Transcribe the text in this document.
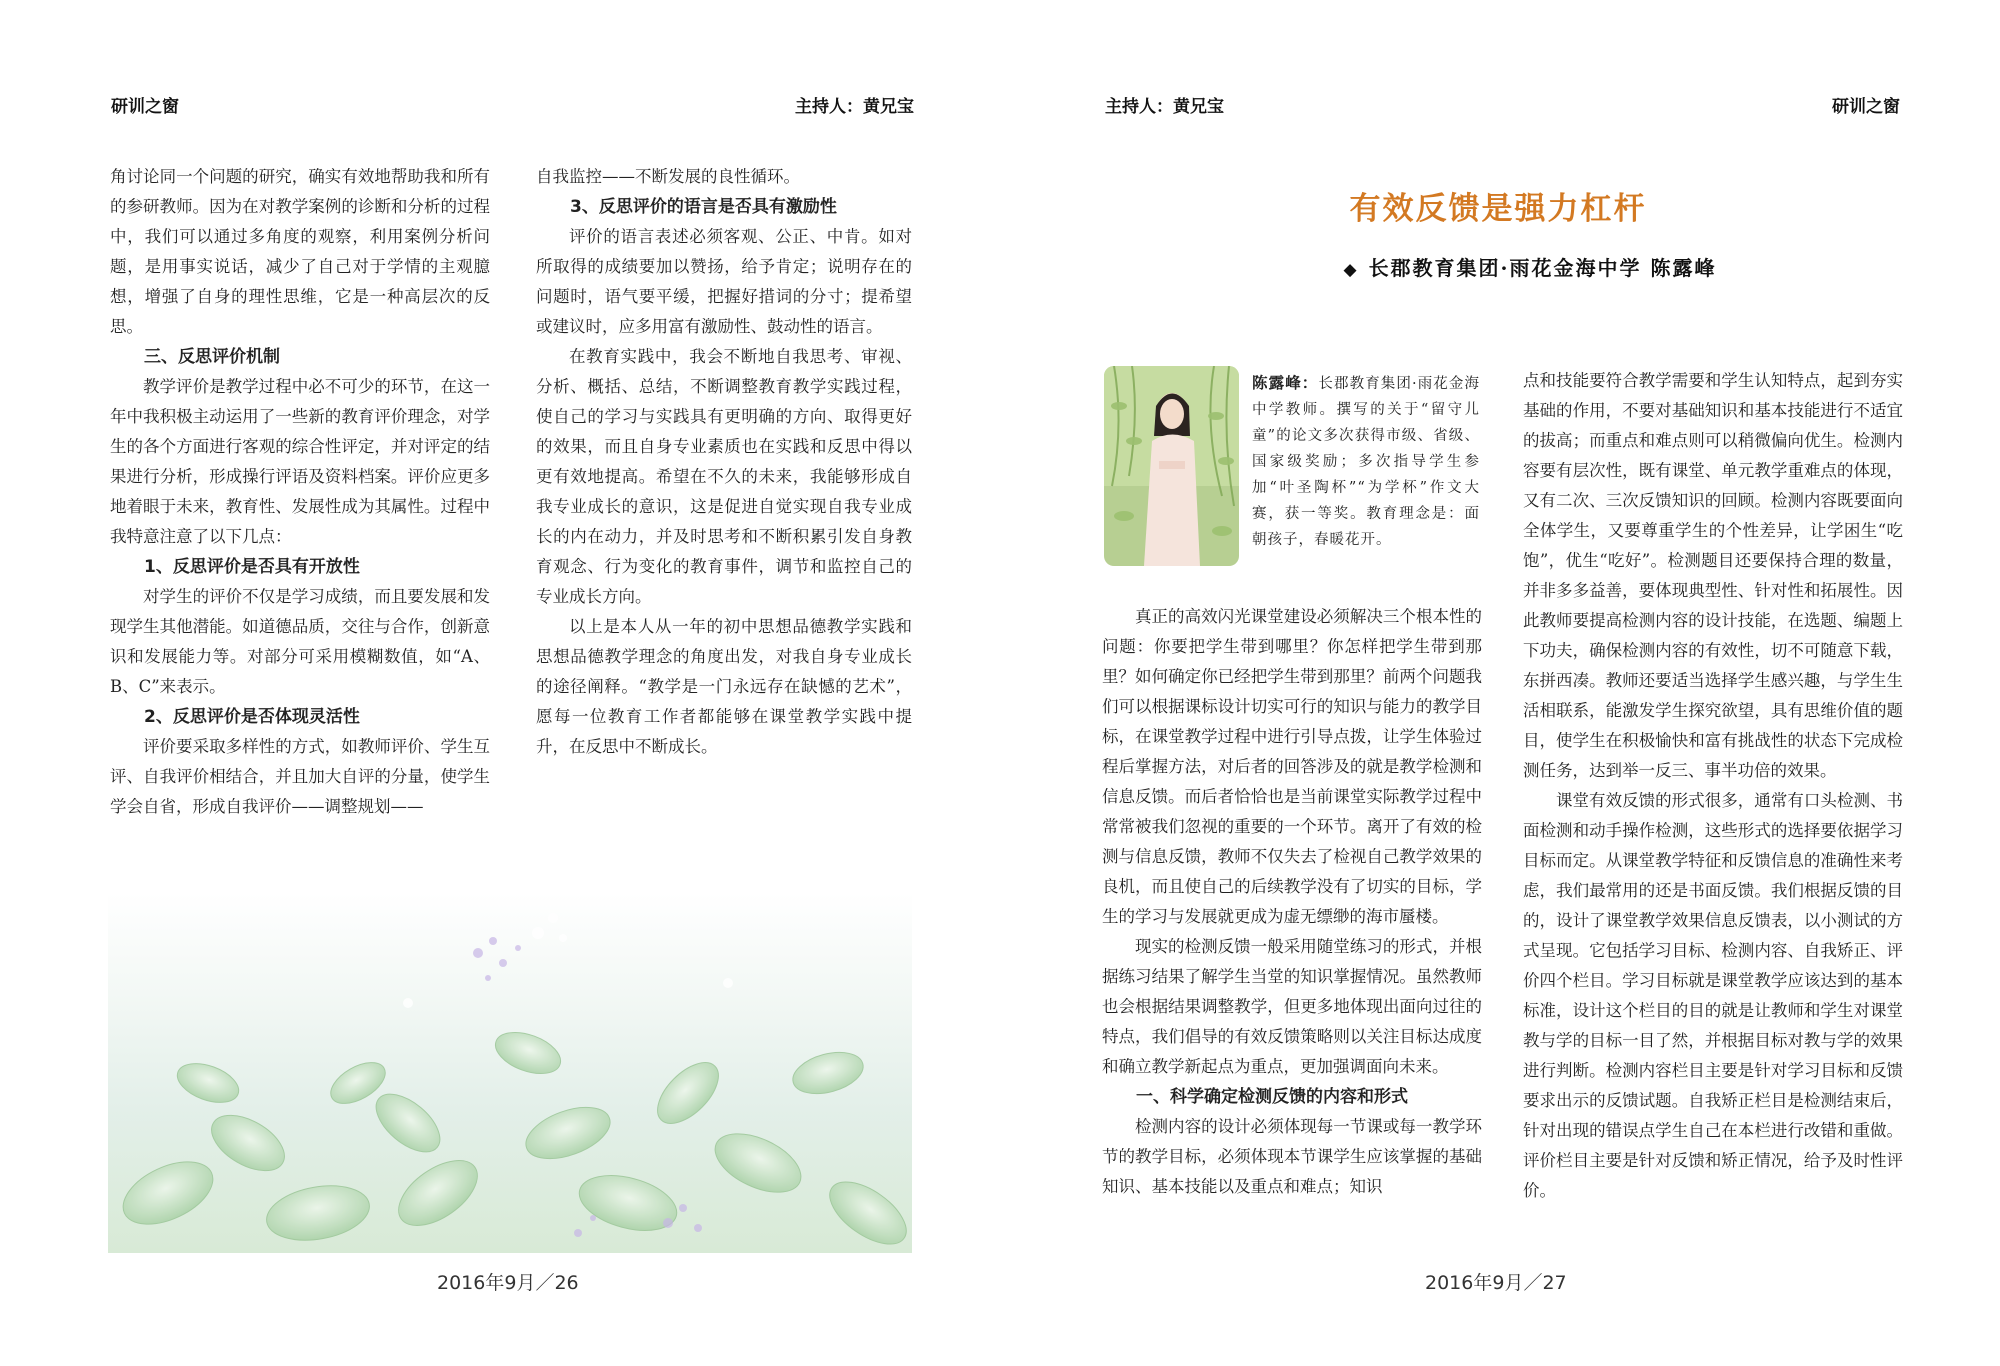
研训之窗	主持人：黄兄宝

角讨论同一个问题的研究，确实有效地帮助我和所有的参研教师。因为在对教学案例的诊断和分析的过程中，我们可以通过多角度的观察，利用案例分析问题，是用事实说话，减少了自己对于学情的主观臆想，增强了自身的理性思维，它是一种高层次的反思。

三、反思评价机制

教学评价是教学过程中必不可少的环节，在这一年中我积极主动运用了一些新的教育评价理念，对学生的各个方面进行客观的综合性评定，并对评定的结果进行分析，形成操行评语及资料档案。评价应更多地着眼于未来，教育性、发展性成为其属性。过程中我特意注意了以下几点：

1、反思评价是否具有开放性

对学生的评价不仅是学习成绩，而且要发展和发现学生其他潜能。如道德品质，交往与合作，创新意识和发展能力等。对部分可采用模糊数值，如“A、B、C”来表示。

2、反思评价是否体现灵活性

评价要采取多样性的方式，如教师评价、学生互评、自我评价相结合，并且加大自评的分量，使学生学会自省，形成自我评价——调整规划——

自我监控——不断发展的良性循环。

3、反思评价的语言是否具有激励性

评价的语言表述必须客观、公正、中肯。如对所取得的成绩要加以赞扬，给予肯定；说明存在的问题时，语气要平缓，把握好措词的分寸；提希望或建议时，应多用富有激励性、鼓动性的语言。

在教育实践中，我会不断地自我思考、审视、分析、概括、总结，不断调整教育教学实践过程，使自己的学习与实践具有更明确的方向、取得更好的效果，而且自身专业素质也在实践和反思中得以更有效地提高。希望在不久的未来，我能够形成自我专业成长的意识，这是促进自觉实现自我专业成长的内在动力，并及时思考和不断积累引发自身教育观念、行为变化的教育事件，调节和监控自己的专业成长方向。

以上是本人从一年的初中思想品德教学实践和思想品德教学理念的角度出发，对我自身专业成长的途径阐释。“教学是一门永远存在缺憾的艺术”，愿每一位教育工作者都能够在课堂教学实践中提升，在反思中不断成长。

2016年9月／26
主持人：黄兄宝	研训之窗
有效反馈是强力杠杆
◆ 长郡教育集团·雨花金海中学 陈露峰
陈露峰：长郡教育集团·雨花金海中学教师。撰写的关于“留守儿童”的论文多次获得市级、省级、国家级奖励；多次指导学生参加“叶圣陶杯”“为学杯”作文大赛，获一等奖。教育理念是：面朝孩子，春暖花开。

真正的高效闪光课堂建设必须解决三个根本性的问题：你要把学生带到哪里？你怎样把学生带到那里？如何确定你已经把学生带到那里？前两个问题我们可以根据课标设计切实可行的知识与能力的教学目标，在课堂教学过程中进行引导点拨，让学生体验过程后掌握方法，对后者的回答涉及的就是教学检测和信息反馈。而后者恰恰也是当前课堂实际教学过程中常常被我们忽视的重要的一个环节。离开了有效的检测与信息反馈，教师不仅失去了检视自己教学效果的良机，而且使自己的后续教学没有了切实的目标，学生的学习与发展就更成为虚无缥缈的海市蜃楼。

现实的检测反馈一般采用随堂练习的形式，并根据练习结果了解学生当堂的知识掌握情况。虽然教师也会根据结果调整教学，但更多地体现出面向过往的特点，我们倡导的有效反馈策略则以关注目标达成度和确立教学新起点为重点，更加强调面向未来。

一、科学确定检测反馈的内容和形式

检测内容的设计必须体现每一节课或每一教学环节的教学目标，必须体现本节课学生应该掌握的基础知识、基本技能以及重点和难点；知识

点和技能要符合教学需要和学生认知特点，起到夯实基础的作用，不要对基础知识和基本技能进行不适宜的拔高；而重点和难点则可以稍微偏向优生。检测内容要有层次性，既有课堂、单元教学重难点的体现，又有二次、三次反馈知识的回顾。检测内容既要面向全体学生，又要尊重学生的个性差异，让学困生“吃饱”，优生“吃好”。检测题目还要保持合理的数量，并非多多益善，要体现典型性、针对性和拓展性。因此教师要提高检测内容的设计技能，在选题、编题上下功夫，确保检测内容的有效性，切不可随意下载，东拼西凑。教师还要适当选择学生感兴趣，与学生生活相联系，能激发学生探究欲望，具有思维价值的题目，使学生在积极愉快和富有挑战性的状态下完成检测任务，达到举一反三、事半功倍的效果。

课堂有效反馈的形式很多，通常有口头检测、书面检测和动手操作检测，这些形式的选择要依据学习目标而定。从课堂教学特征和反馈信息的准确性来考虑，我们最常用的还是书面反馈。我们根据反馈的目的，设计了课堂教学效果信息反馈表，以小测试的方式呈现。它包括学习目标、检测内容、自我矫正、评价四个栏目。学习目标就是课堂教学应该达到的基本标准，设计这个栏目的目的就是让教师和学生对课堂教与学的目标一目了然，并根据目标对教与学的效果进行判断。检测内容栏目主要是针对学习目标和反馈要求出示的反馈试题。自我矫正栏目是检测结束后，针对出现的错误点学生自己在本栏进行改错和重做。评价栏目主要是针对反馈和矫正情况，给予及时性评价。

2016年9月／27
